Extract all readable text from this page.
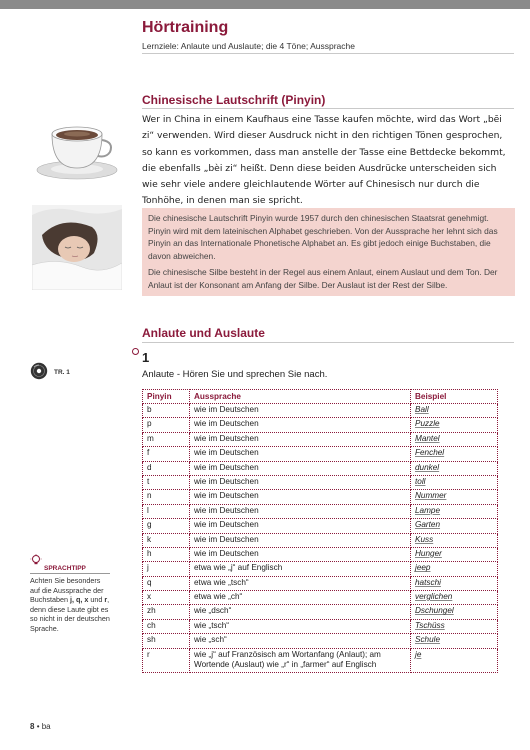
Hörtraining
Lernziele: Anlaute und Auslaute; die 4 Töne; Aussprache
Chinesische Lautschrift (Pinyin)
Wer in China in einem Kaufhaus eine Tasse kaufen möchte, wird das Wort „bēi zi“ verwenden. Wird dieser Ausdruck nicht in den richtigen Tönen gesprochen, so kann es vorkommen, dass man anstelle der Tasse eine Bettdecke bekommt, die ebenfalls „bèi zi“ heißt. Denn diese beiden Ausdrücke unterscheiden sich wie sehr viele andere gleichlautende Wörter auf Chinesisch nur durch die Tonhöhe, in denen man sie spricht.

Die chinesische Lautschrift Pinyin wurde 1957 durch den chinesischen Staatsrat genehmigt. Pinyin wird mit dem lateinischen Alphabet geschrieben. Von der Aussprache her lehnt sich das Pinyin an das Internationale Phonetische Alphabet an. Es gibt jedoch einige Buchstaben, die davon abweichen.

Die chinesische Silbe besteht in der Regel aus einem Anlaut, einem Auslaut und dem Ton. Der Anlaut ist der Konsonant am Anfang der Silbe. Der Auslaut ist der Rest der Silbe.

Anlaute und Auslaute
1
Anlaute - Hören Sie und sprechen Sie nach.
TR. 1
Pinyin	Aussprache	Beispiel
b	wie im Deutschen	Ball
p	wie im Deutschen	Puzzle
m	wie im Deutschen	Mantel
f	wie im Deutschen	Fenchel
d	wie im Deutschen	dunkel
t	wie im Deutschen	toll
n	wie im Deutschen	Nummer
l	wie im Deutschen	Lampe
g	wie im Deutschen	Garten
k	wie im Deutschen	Kuss
h	wie im Deutschen	Hunger
j	etwa wie „j“ auf Englisch	jeep
q	etwa wie „tsch“	hatschi
x	etwa wie „ch“	verglichen
zh	wie „dsch“	Dschungel
ch	wie „tsch“	Tschüss
sh	wie „sch“	Schule
r	wie „j“ auf Französisch am Wortanfang (Anlaut); am Wortende (Auslaut) wie „r“ in „farmer“ auf Englisch	je
SPRACHTIPP
Achten Sie besonders auf die Aussprache der Buchstaben j, q, x und r, denn diese Laute gibt es so nicht in der deutschen Sprache.
8 • ba
